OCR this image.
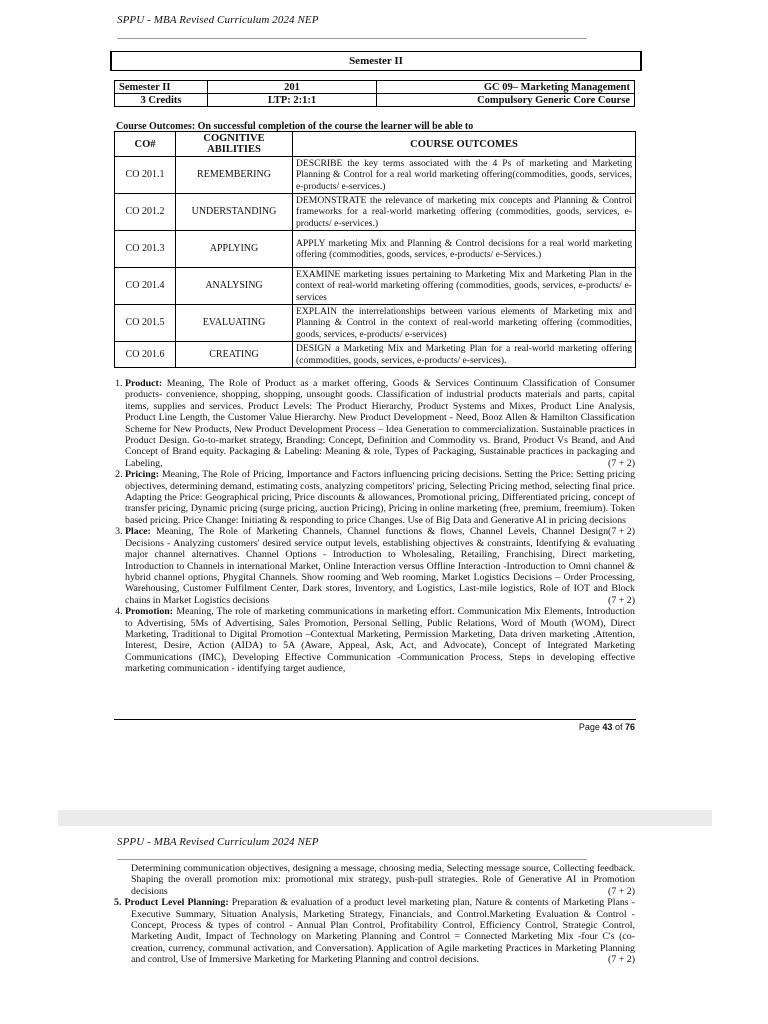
SPPU - MBA Revised Curriculum 2024 NEP
Semester II
Semester II	201	GC 09– Marketing Management
3 Credits	LTP: 2:1:1	Compulsory Generic Core Course
Course Outcomes: On successful completion of the course the learner will be able to
CO#	COGNITIVE ABILITIES	COURSE OUTCOMES
CO 201.1	REMEMBERING	DESCRIBE the key terms associated with the 4 Ps of marketing and Marketing Planning & Control for a real world marketing offering(commodities, goods, services, e-products/ e-services.)
CO 201.2	UNDERSTANDING	DEMONSTRATE the relevance of marketing mix concepts and Planning & Control frameworks for a real-world marketing offering (commodities, goods, services, e-products/ e-services.)
CO 201.3	APPLYING	APPLY marketing Mix and Planning & Control decisions for a real world marketing offering (commodities, goods, services, e-products/ e-Services.)
CO 201.4	ANALYSING	EXAMINE marketing issues pertaining to Marketing Mix and Marketing Plan in the context of real-world marketing offering (commodities, goods, services, e-products/ e-services
CO 201.5	EVALUATING	EXPLAIN the interrelationships between various elements of Marketing mix and Planning & Control in the context of real-world marketing offering (commodities, goods, services, e-products/ e-services)
CO 201.6	CREATING	DESIGN a Marketing Mix and Marketing Plan for a real-world marketing offering (commodities, goods, services, e-products/ e-services).
1. Product: Meaning, The Role of Product as a market offering, Goods & Services Continuum Classification of Consumer products- convenience, shopping, shopping, unsought goods. Classification of industrial products materials and parts, capital items, supplies and services. Product Levels: The Product Hierarchy, Product Systems and Mixes, Product Line Analysis, Product Line Length, the Customer Value Hierarchy. New Product Development - Need, Booz Allen & Hamilton Classification Scheme for New Products, New Product Development Process – Idea Generation to commercialization. Sustainable practices in Product Design. Go-to-market strategy, Branding: Concept, Definition and Commodity vs. Brand, Product Vs Brand, and And Concept of Brand equity. Packaging & Labeling: Meaning & role, Types of Packaging, Sustainable practices in packaging and Labeling,	(7 + 2)
2. Pricing: Meaning, The Role of Pricing, Importance and Factors influencing pricing decisions. Setting the Price: Setting pricing objectives, determining demand, estimating costs, analyzing competitors' pricing, Selecting Pricing method, selecting final price. Adapting the Price: Geographical pricing, Price discounts & allowances, Promotional pricing, Differentiated pricing, concept of transfer pricing, Dynamic pricing (surge pricing, auction Pricing), Pricing in online marketing (free, premium, freemium). Token based pricing. Price Change: Initiating & responding to price Changes. Use of Big Data and Generative AI in pricing decisions
(7 + 2)
3. Place: Meaning, The Role of Marketing Channels, Channel functions & flows, Channel Levels, Channel Design Decisions - Analyzing customers' desired service output levels, establishing objectives & constraints, Identifying & evaluating major channel alternatives. Channel Options - Introduction to Wholesaling, Retailing, Franchising, Direct marketing, Introduction to Channels in international Market, Online Interaction versus Offline Interaction -Introduction to Omni channel & hybrid channel options, Phygital Channels. Show rooming and Web rooming, Market Logistics Decisions – Order Processing, Warehousing, Customer Fulfilment Center, Dark stores, Inventory, and Logistics, Last-mile logistics, Role of IOT and Block chains in Market Logistics decisions	(7 + 2)
4. Promotion: Meaning, The role of marketing communications in marketing effort. Communication Mix Elements, Introduction to Advertising, 5Ms of Advertising, Sales Promotion, Personal Selling, Public Relations, Word of Mouth (WOM), Direct Marketing, Traditional to Digital Promotion –Contextual Marketing, Permission Marketing, Data driven marketing ,Attention, Interest, Desire, Action (AIDA) to 5A (Aware, Appeal, Ask, Act, and Advocate), Concept of Integrated Marketing Communications (IMC), Developing Effective Communication -Communication Process, Steps in developing effective marketing communication - identifying target audience,
Page 43 of 76
SPPU - MBA Revised Curriculum 2024 NEP
Determining communication objectives, designing a message, choosing media, Selecting message source, Collecting feedback. Shaping the overall promotion mix: promotional mix strategy, push-pull strategies. Role of Generative AI in Promotion decisions	(7 + 2)
5. Product Level Planning: Preparation & evaluation of a product level marketing plan, Nature & contents of Marketing Plans - Executive Summary, Situation Analysis, Marketing Strategy, Financials, and Control.Marketing Evaluation & Control - Concept, Process & types of control - Annual Plan Control, Profitability Control, Efficiency Control, Strategic Control, Marketing Audit, Impact of Technology on Marketing Planning and Control = Connected Marketing Mix -four C's (co-creation, currency, communal activation, and Conversation). Application of Agile marketing Practices in Marketing Planning and control, Use of Immersive Marketing for Marketing Planning and control decisions.	(7 + 2)
